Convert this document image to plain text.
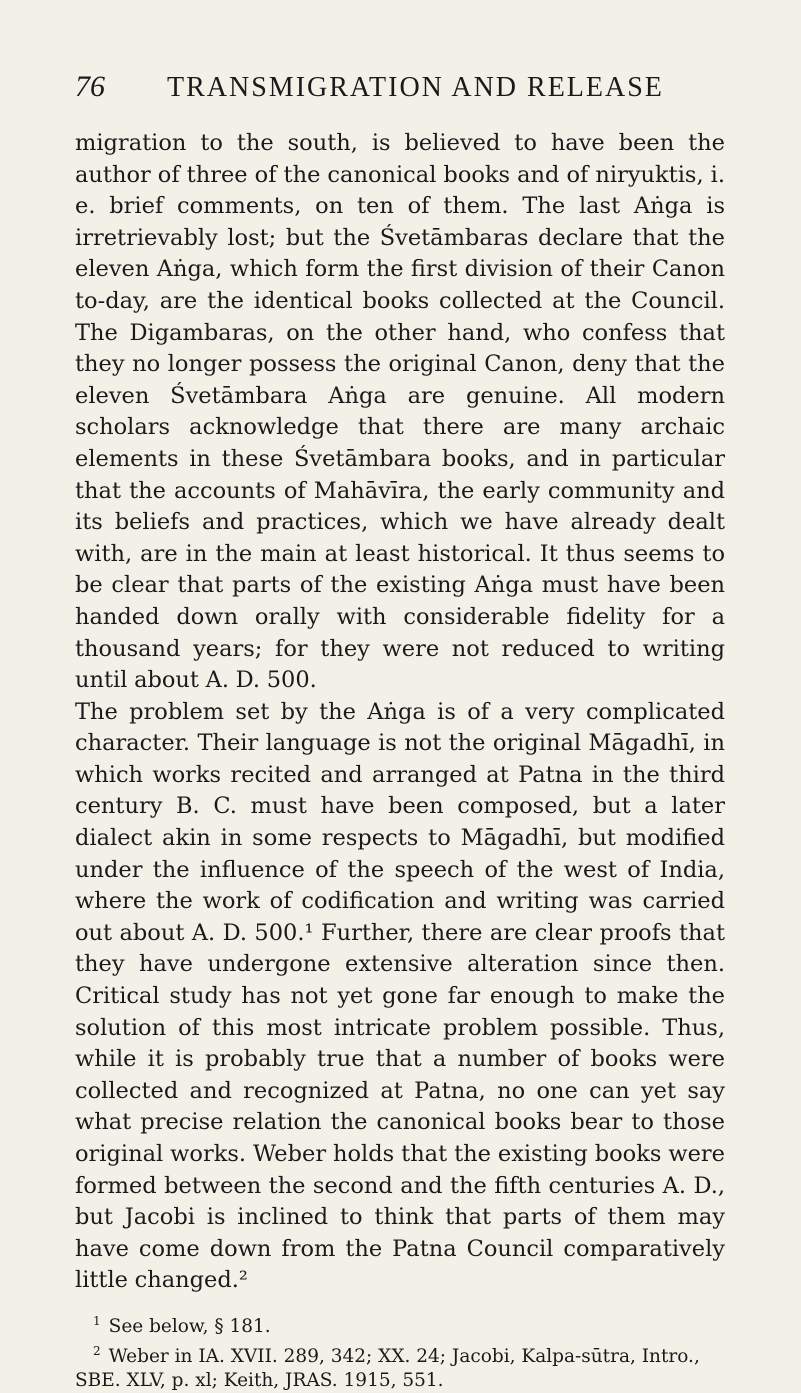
76	TRANSMIGRATION AND RELEASE

migration to the south, is believed to have been the author of three of the canonical books and of niryuktis, i. e. brief comments, on ten of them. The last Aṅga is irretrievably lost; but the Śvetāmbaras declare that the eleven Aṅga, which form the first division of their Canon to-day, are the identical books collected at the Council. The Digambaras, on the other hand, who confess that they no longer possess the original Canon, deny that the eleven Śvetāmbara Aṅga are genuine. All modern scholars acknowledge that there are many archaic elements in these Śvetāmbara books, and in particular that the accounts of Mahāvīra, the early community and its beliefs and practices, which we have already dealt with, are in the main at least historical. It thus seems to be clear that parts of the existing Aṅga must have been handed down orally with considerable fidelity for a thousand years; for they were not reduced to writing until about A. D. 500.

The problem set by the Aṅga is of a very complicated character. Their language is not the original Māgadhī, in which works recited and arranged at Patna in the third century B. C. must have been composed, but a later dialect akin in some respects to Māgadhī, but modified under the influence of the speech of the west of India, where the work of codification and writing was carried out about A. D. 500.¹ Further, there are clear proofs that they have undergone extensive alteration since then. Critical study has not yet gone far enough to make the solution of this most intricate problem possible. Thus, while it is probably true that a number of books were collected and recognized at Patna, no one can yet say what precise relation the canonical books bear to those original works. Weber holds that the existing books were formed between the second and the fifth centuries A. D., but Jacobi is inclined to think that parts of them may have come down from the Patna Council comparatively little changed.²

$^1$ See below, § 181.

$^2$ Weber in IA. XVII. 289, 342; XX. 24; Jacobi, Kalpa-sūtra, Intro., SBE. XLV, p. xl; Keith, JRAS. 1915, 551.
